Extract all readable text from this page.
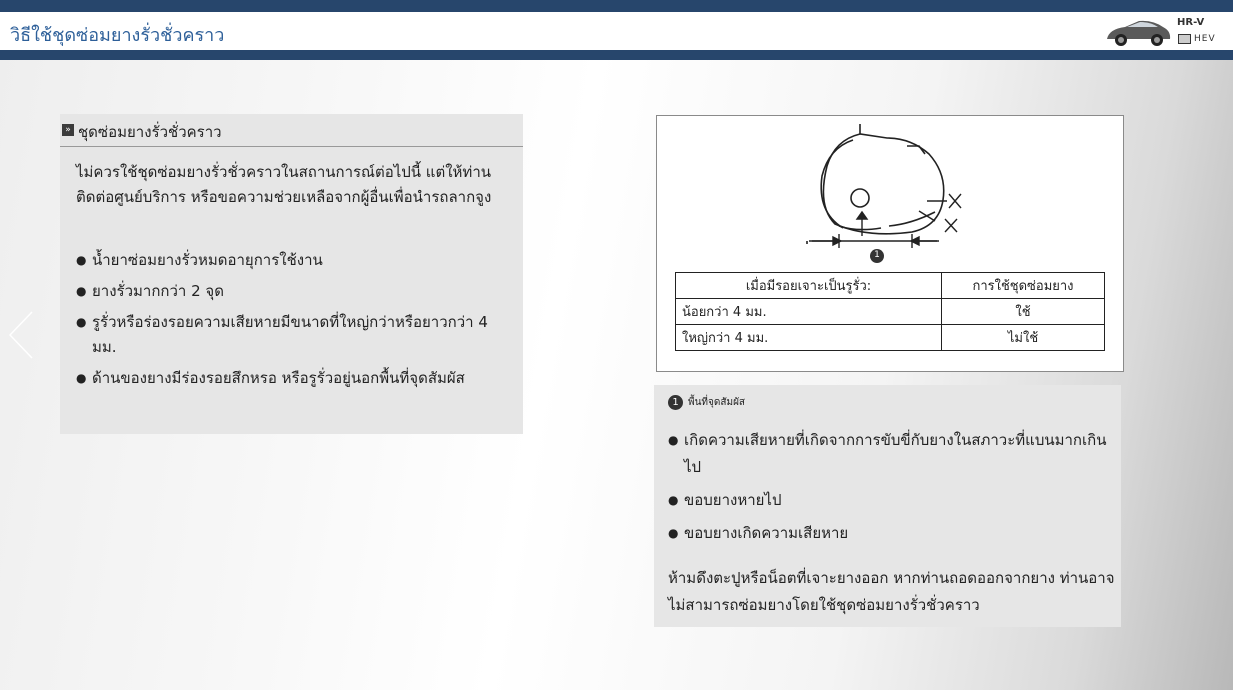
วิธีใช้ชุดซ่อมยางรั่วชั่วคราว
HR-V
HEV
» ชุดซ่อมยางรั่วชั่วคราว
ไม่ควรใช้ชุดซ่อมยางรั่วชั่วคราวในสถานการณ์ต่อไปนี้ แต่ให้ท่านติดต่อศูนย์บริการ หรือขอความช่วยเหลือจากผู้อื่นเพื่อนำรถลากจูง
● น้ำยาซ่อมยางรั่วหมดอายุการใช้งาน
● ยางรั่วมากกว่า 2 จุด
● รูรั่วหรือร่องรอยความเสียหายมีขนาดที่ใหญ่กว่าหรือยาวกว่า 4 มม.
● ด้านของยางมีร่องรอยสึกหรอ หรือรูรั่วอยู่นอกพื้นที่จุดสัมผัส
1
เมื่อมีรอยเจาะเป็นรูรั่ว:	การใช้ชุดซ่อมยาง
น้อยกว่า 4 มม.	ใช้
ใหญ่กว่า 4 มม.	ไม่ใช้
1 พื้นที่จุดสัมผัส
● เกิดความเสียหายที่เกิดจากการขับขี่กับยางในสภาวะที่แบนมากเกินไป
● ขอบยางหายไป
● ขอบยางเกิดความเสียหาย
ห้ามดึงตะปูหรือน็อตที่เจาะยางออก หากท่านถอดออกจากยาง ท่านอาจไม่สามารถซ่อมยางโดยใช้ชุดซ่อมยางรั่วชั่วคราว
